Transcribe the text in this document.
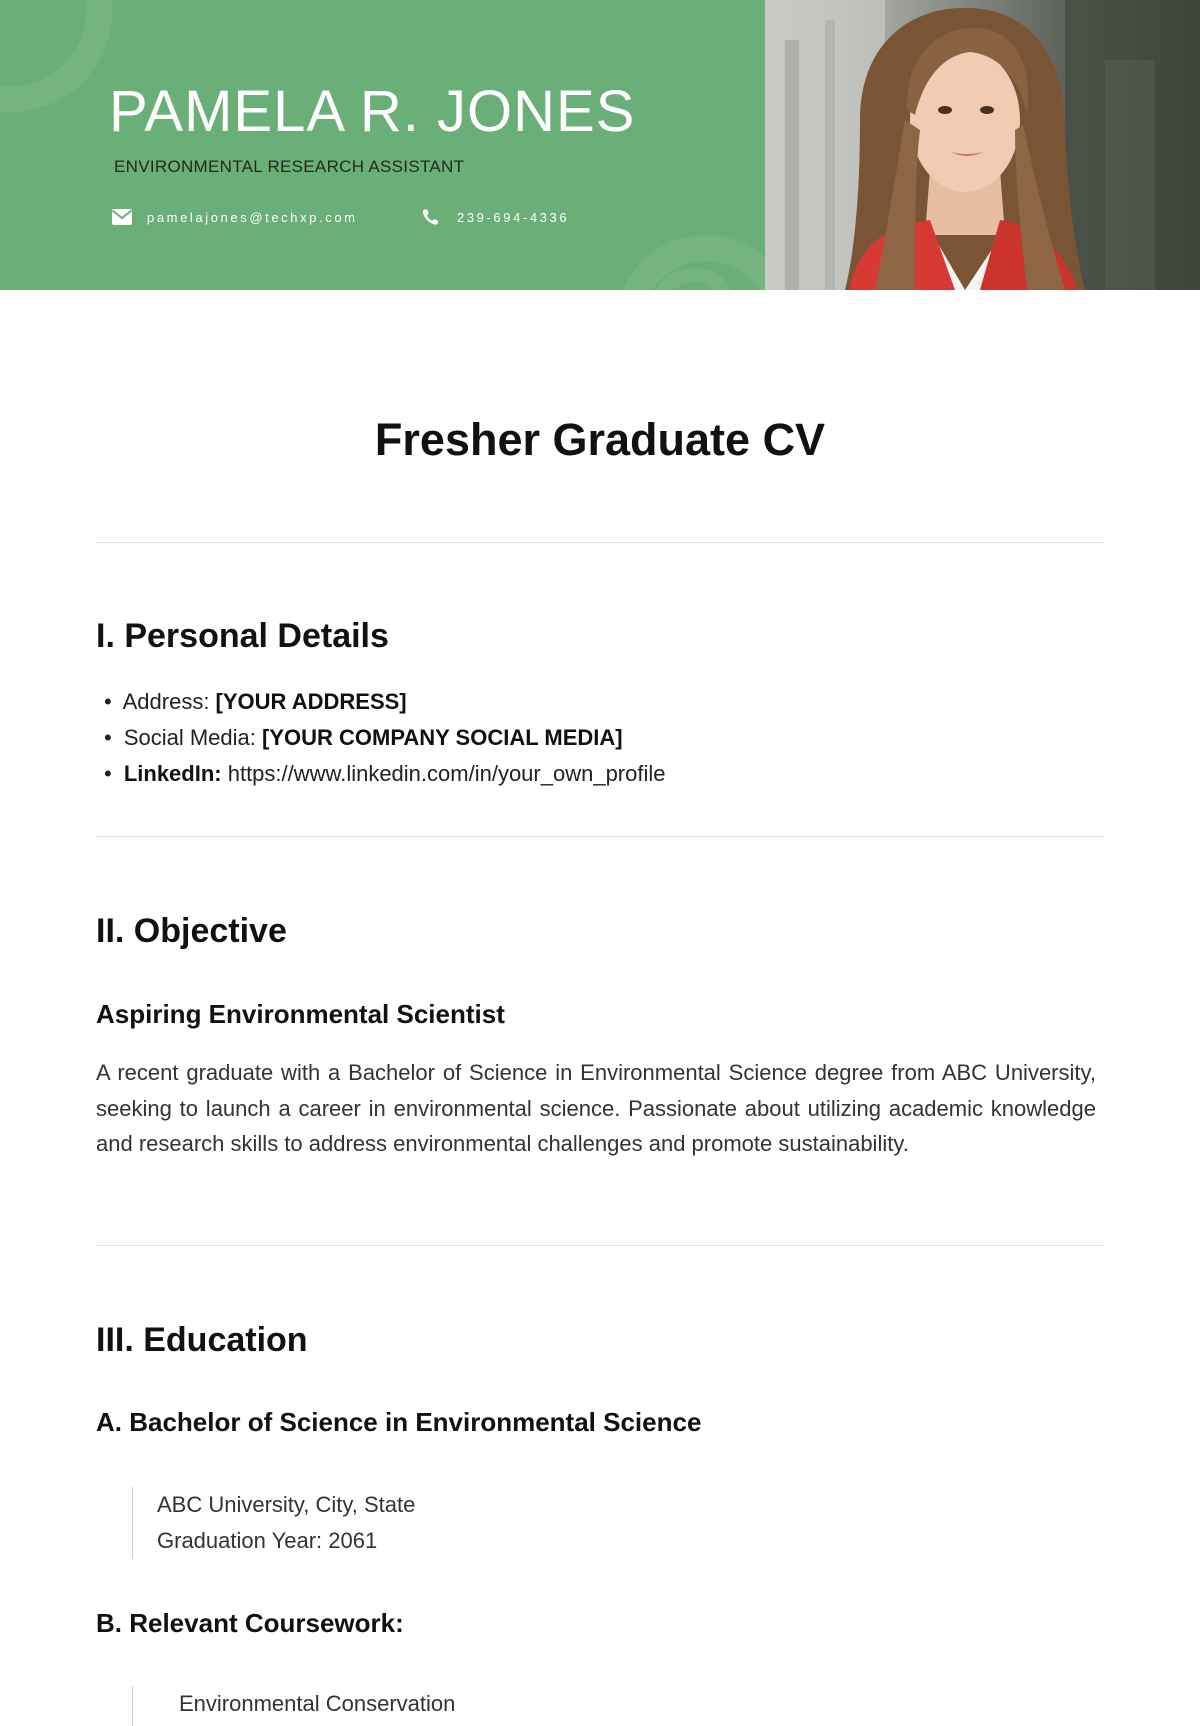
PAMELA R. JONES
ENVIRONMENTAL RESEARCH ASSISTANT
pamelajones@techxp.com	239-694-4336
Fresher Graduate CV
I. Personal Details
• Address: [YOUR ADDRESS]
• Social Media: [YOUR COMPANY SOCIAL MEDIA]
• LinkedIn: https://www.linkedin.com/in/your_own_profile
II. Objective
Aspiring Environmental Scientist

A recent graduate with a Bachelor of Science in Environmental Science degree from ABC University, seeking to launch a career in environmental science. Passionate about utilizing academic knowledge and research skills to address environmental challenges and promote sustainability.

III. Education
A. Bachelor of Science in Environmental Science
ABC University, City, State
Graduation Year: 2061
B. Relevant Coursework:
Environmental Conservation
